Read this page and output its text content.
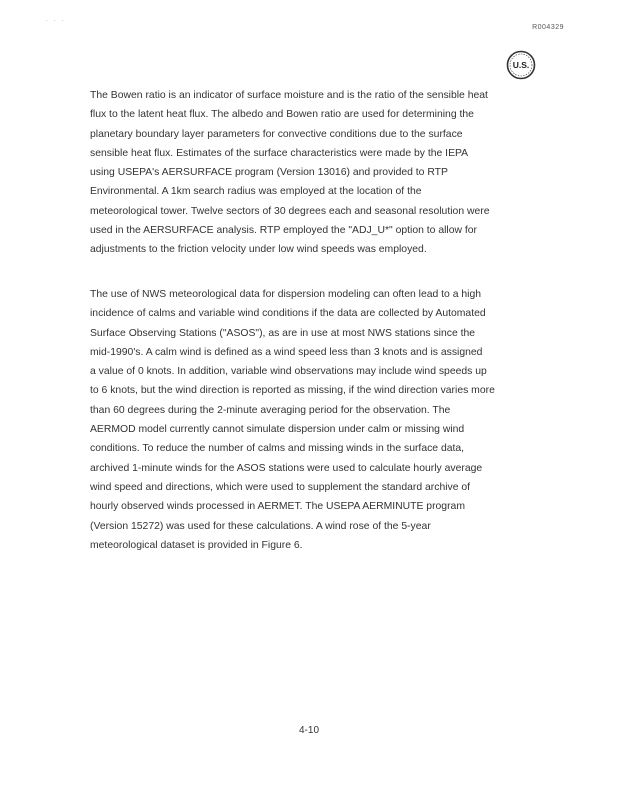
· · ·
R004329
U.S.
The Bowen ratio is an indicator of surface moisture and is the ratio of the sensible heat
flux to the latent heat flux. The albedo and Bowen ratio are used for determining the
planetary boundary layer parameters for convective conditions due to the surface
sensible heat flux. Estimates of the surface characteristics were made by the IEPA
using USEPA's AERSURFACE program (Version 13016) and provided to RTP
Environmental. A 1km search radius was employed at the location of the
meteorological tower. Twelve sectors of 30 degrees each and seasonal resolution were
used in the AERSURFACE analysis. RTP employed the "ADJ_U*" option to allow for
adjustments to the friction velocity under low wind speeds was employed.
The use of NWS meteorological data for dispersion modeling can often lead to a high
incidence of calms and variable wind conditions if the data are collected by Automated
Surface Observing Stations ("ASOS"), as are in use at most NWS stations since the
mid-1990's. A calm wind is defined as a wind speed less than 3 knots and is assigned
a value of 0 knots. In addition, variable wind observations may include wind speeds up
to 6 knots, but the wind direction is reported as missing, if the wind direction varies more
than 60 degrees during the 2-minute averaging period for the observation. The
AERMOD model currently cannot simulate dispersion under calm or missing wind
conditions. To reduce the number of calms and missing winds in the surface data,
archived 1-minute winds for the ASOS stations were used to calculate hourly average
wind speed and directions, which were used to supplement the standard archive of
hourly observed winds processed in AERMET. The USEPA AERMINUTE program
(Version 15272) was used for these calculations. A wind rose of the 5-year
meteorological dataset is provided in Figure 6.
4-10
